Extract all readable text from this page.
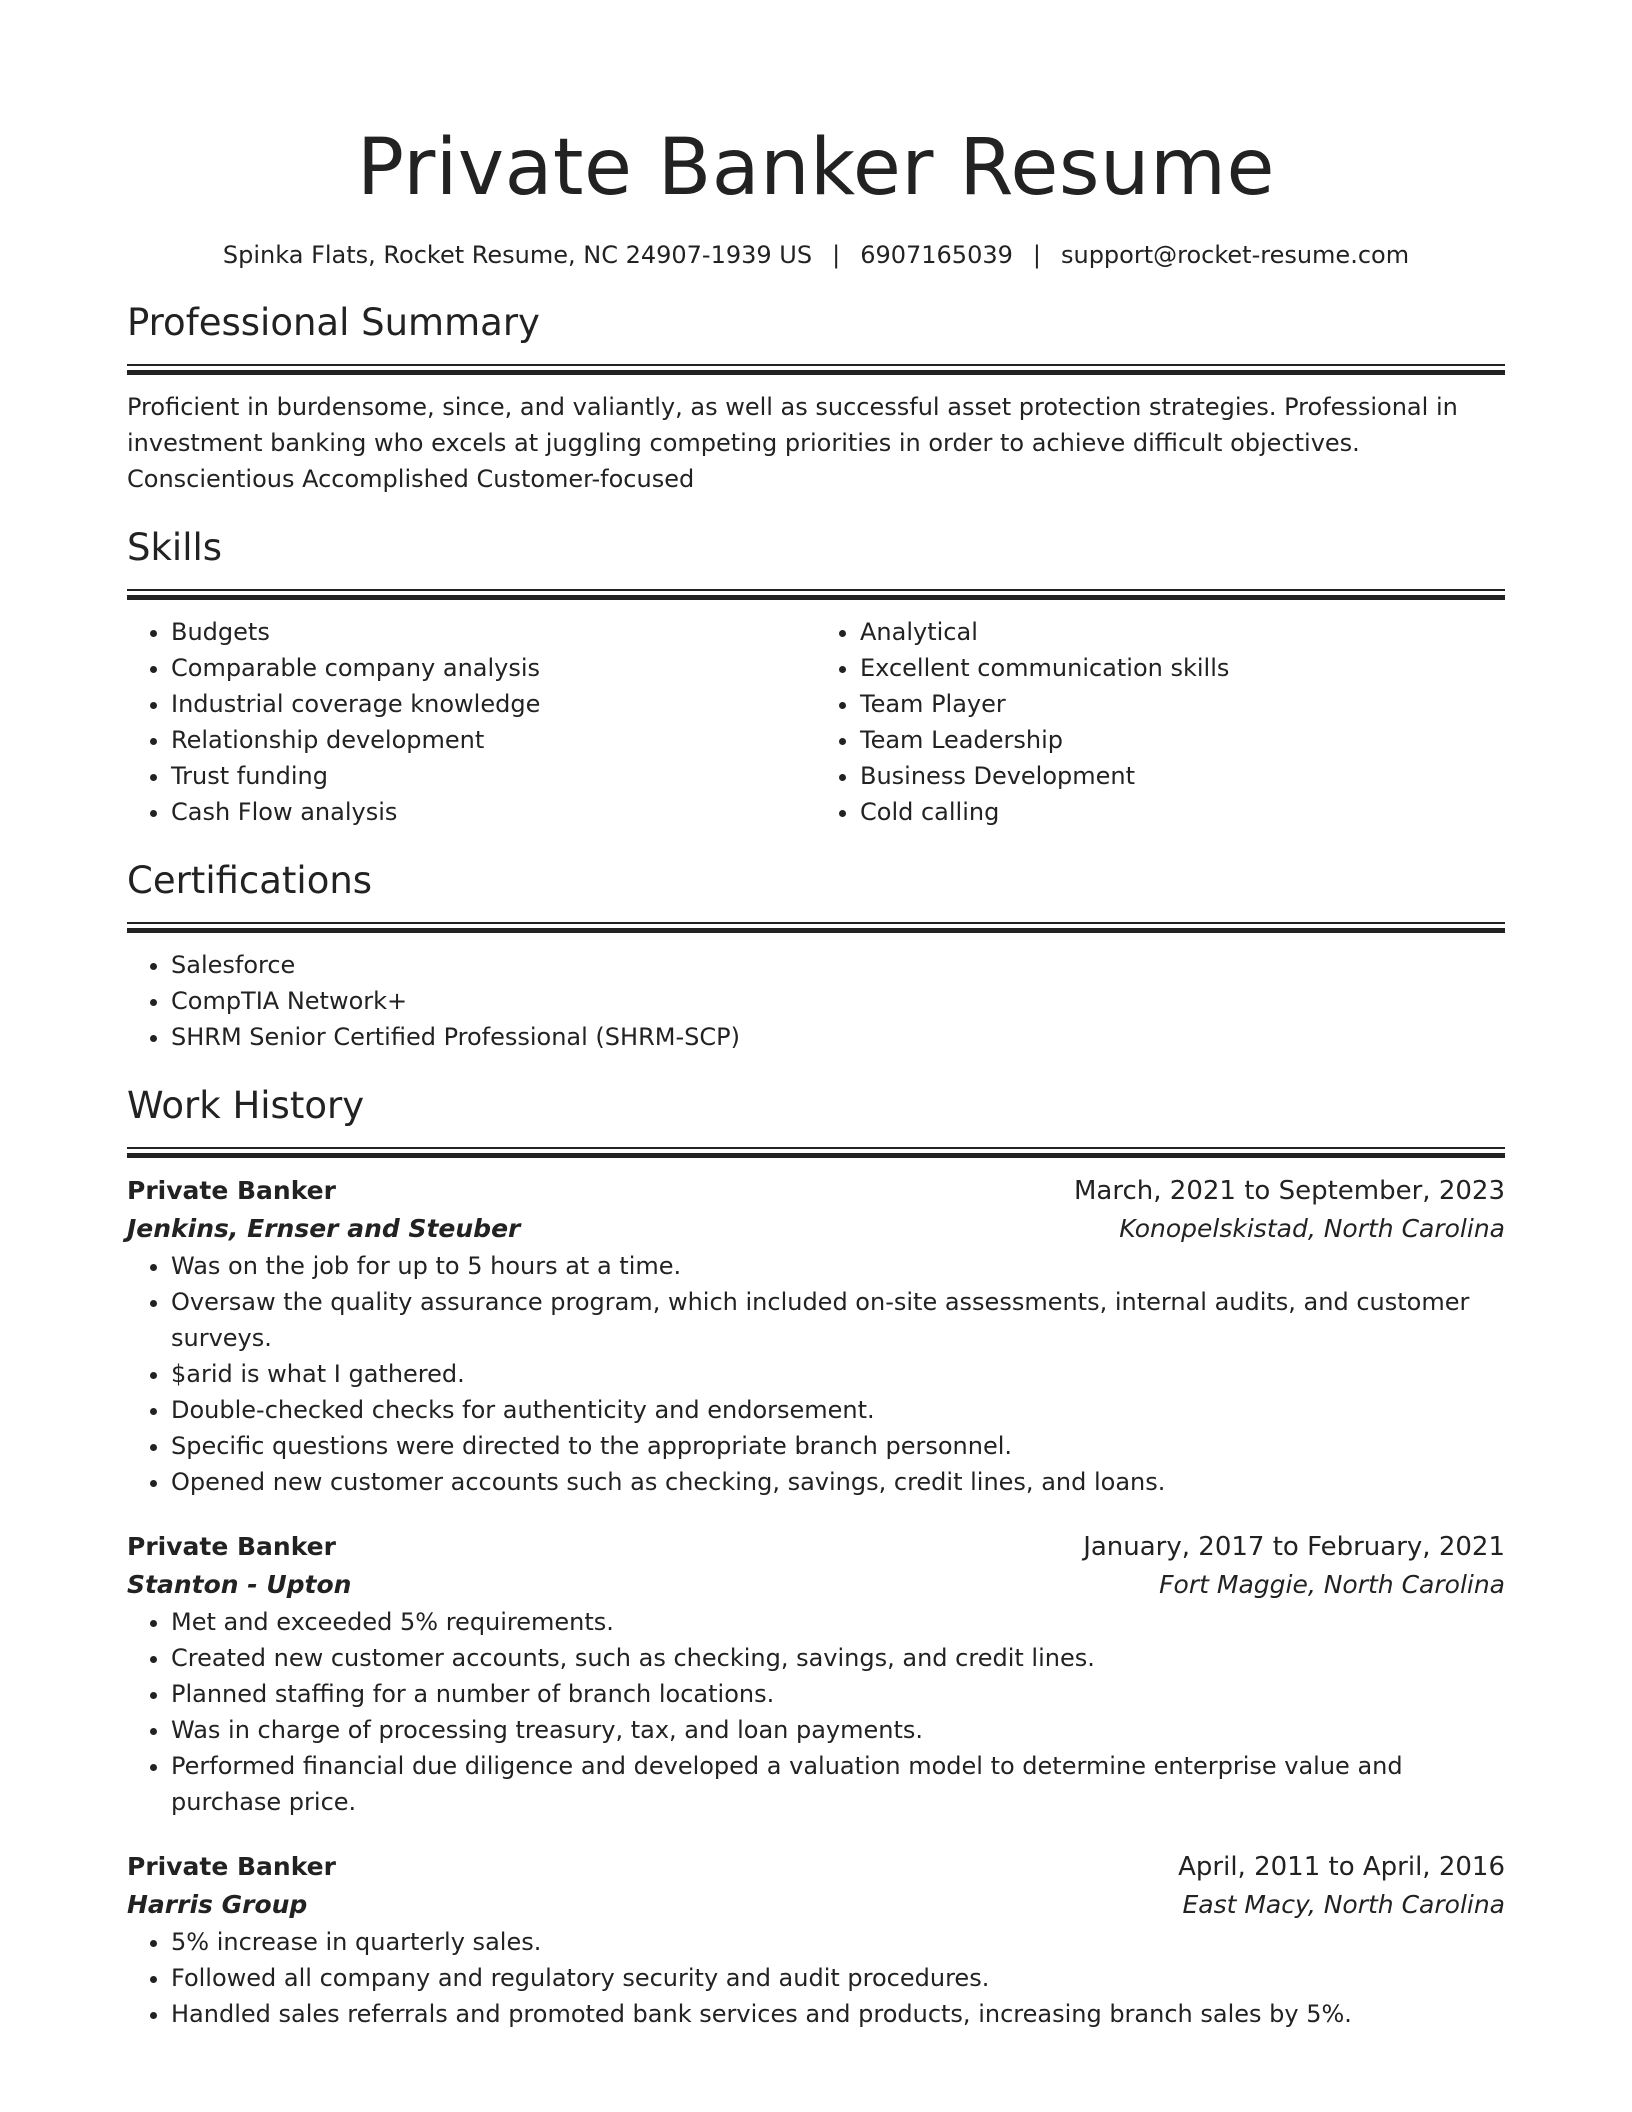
Private Banker Resume
Spinka Flats, Rocket Resume, NC 24907-1939 US | 6907165039 | support@rocket-resume.com
Professional Summary

Proficient in burdensome, since, and valiantly, as well as successful asset protection strategies. Professional in investment banking who excels at juggling competing priorities in order to achieve difficult objectives. Conscientious Accomplished Customer-focused

Skills
• Budgets
• Comparable company analysis
• Industrial coverage knowledge
• Relationship development
• Trust funding
• Cash Flow analysis
• Analytical
• Excellent communication skills
• Team Player
• Team Leadership
• Business Development
• Cold calling
Certifications
• Salesforce
• CompTIA Network+
• SHRM Senior Certified Professional (SHRM-SCP)
Work History
Private Banker	March, 2021 to September, 2023
Jenkins, Ernser and Steuber	Konopelskistad, North Carolina
• Was on the job for up to 5 hours at a time.
• Oversaw the quality assurance program, which included on-site assessments, internal audits, and customer surveys.
• $arid is what I gathered.
• Double-checked checks for authenticity and endorsement.
• Specific questions were directed to the appropriate branch personnel.
• Opened new customer accounts such as checking, savings, credit lines, and loans.
Private Banker	January, 2017 to February, 2021
Stanton - Upton	Fort Maggie, North Carolina
• Met and exceeded 5% requirements.
• Created new customer accounts, such as checking, savings, and credit lines.
• Planned staffing for a number of branch locations.
• Was in charge of processing treasury, tax, and loan payments.
• Performed financial due diligence and developed a valuation model to determine enterprise value and purchase price.
Private Banker	April, 2011 to April, 2016
Harris Group	East Macy, North Carolina
• 5% increase in quarterly sales.
• Followed all company and regulatory security and audit procedures.
• Handled sales referrals and promoted bank services and products, increasing branch sales by 5%.
